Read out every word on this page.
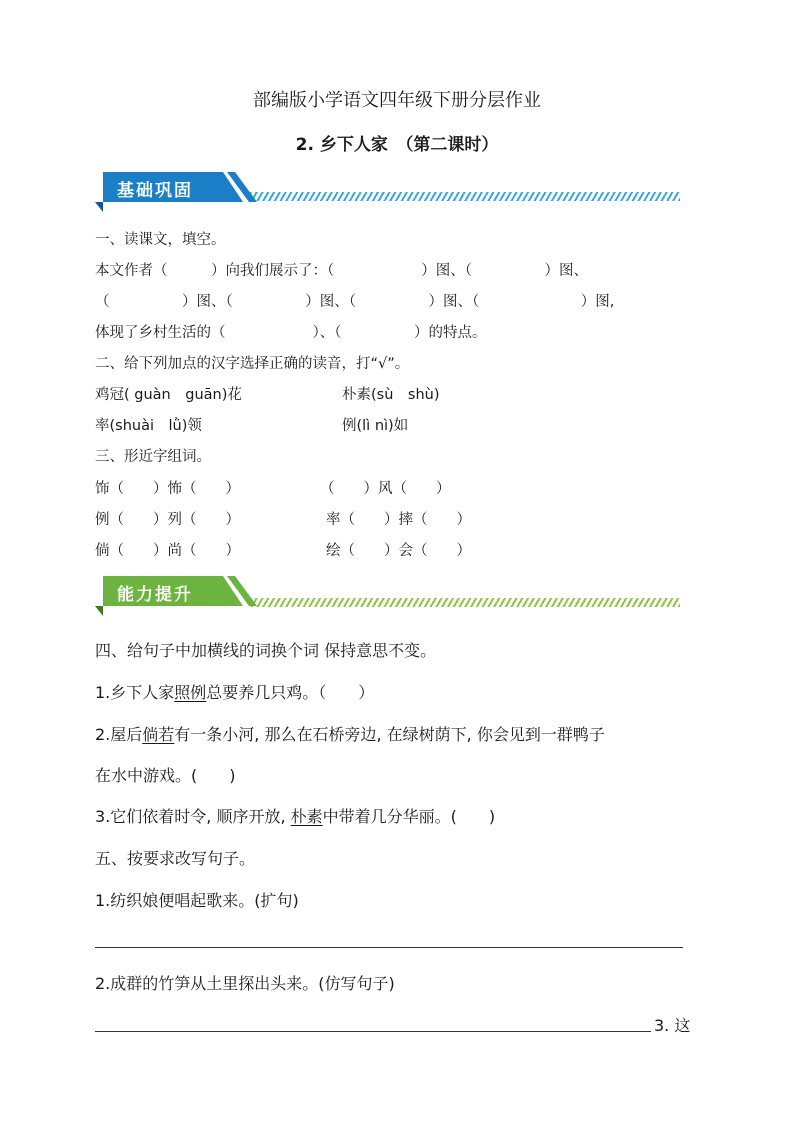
部编版小学语文四年级下册分层作业
2. 乡下人家　（第二课时）
基础巩固
一、读课文，填空。
本文作者（　　　）向我们展示了：（　　　　　　）图、（　　　　　）图、
（　　　　　）图、（　　　　　）图、（　　　　　）图、（　　　　　　　）图,
体现了乡村生活的（　　　　　　）、（　　　　　）的特点。
二、给下列加点的汉字选择正确的读音，打“√”。
鸡冠( guàn　guān)花	朴素(sù　shù)
率(shuài　lǜ)领	例(lì nì)如
三、形近字组词。
饰（　　）怖（　　）	（　　）风（　　）
例（　　）列（　　）	率（　　）摔（　　）
倘（　　）尚（　　）	绘（　　）会（　　）
能力提升
四、给句子中加横线的词换个词 保持意思不变。
1.乡下人家照例总要养几只鸡。（　　）
2.屋后倘若有一条小河, 那么在石桥旁边, 在绿树荫下, 你会见到一群鸭子
在水中游戏。(　　)
3.它们依着时令, 顺序开放, 朴素中带着几分华丽。(　　)
五、按要求改写句子。
1.纺织娘便唱起歌来。(扩句)
2.成群的竹笋从土里探出头来。(仿写句子)
3. 这
